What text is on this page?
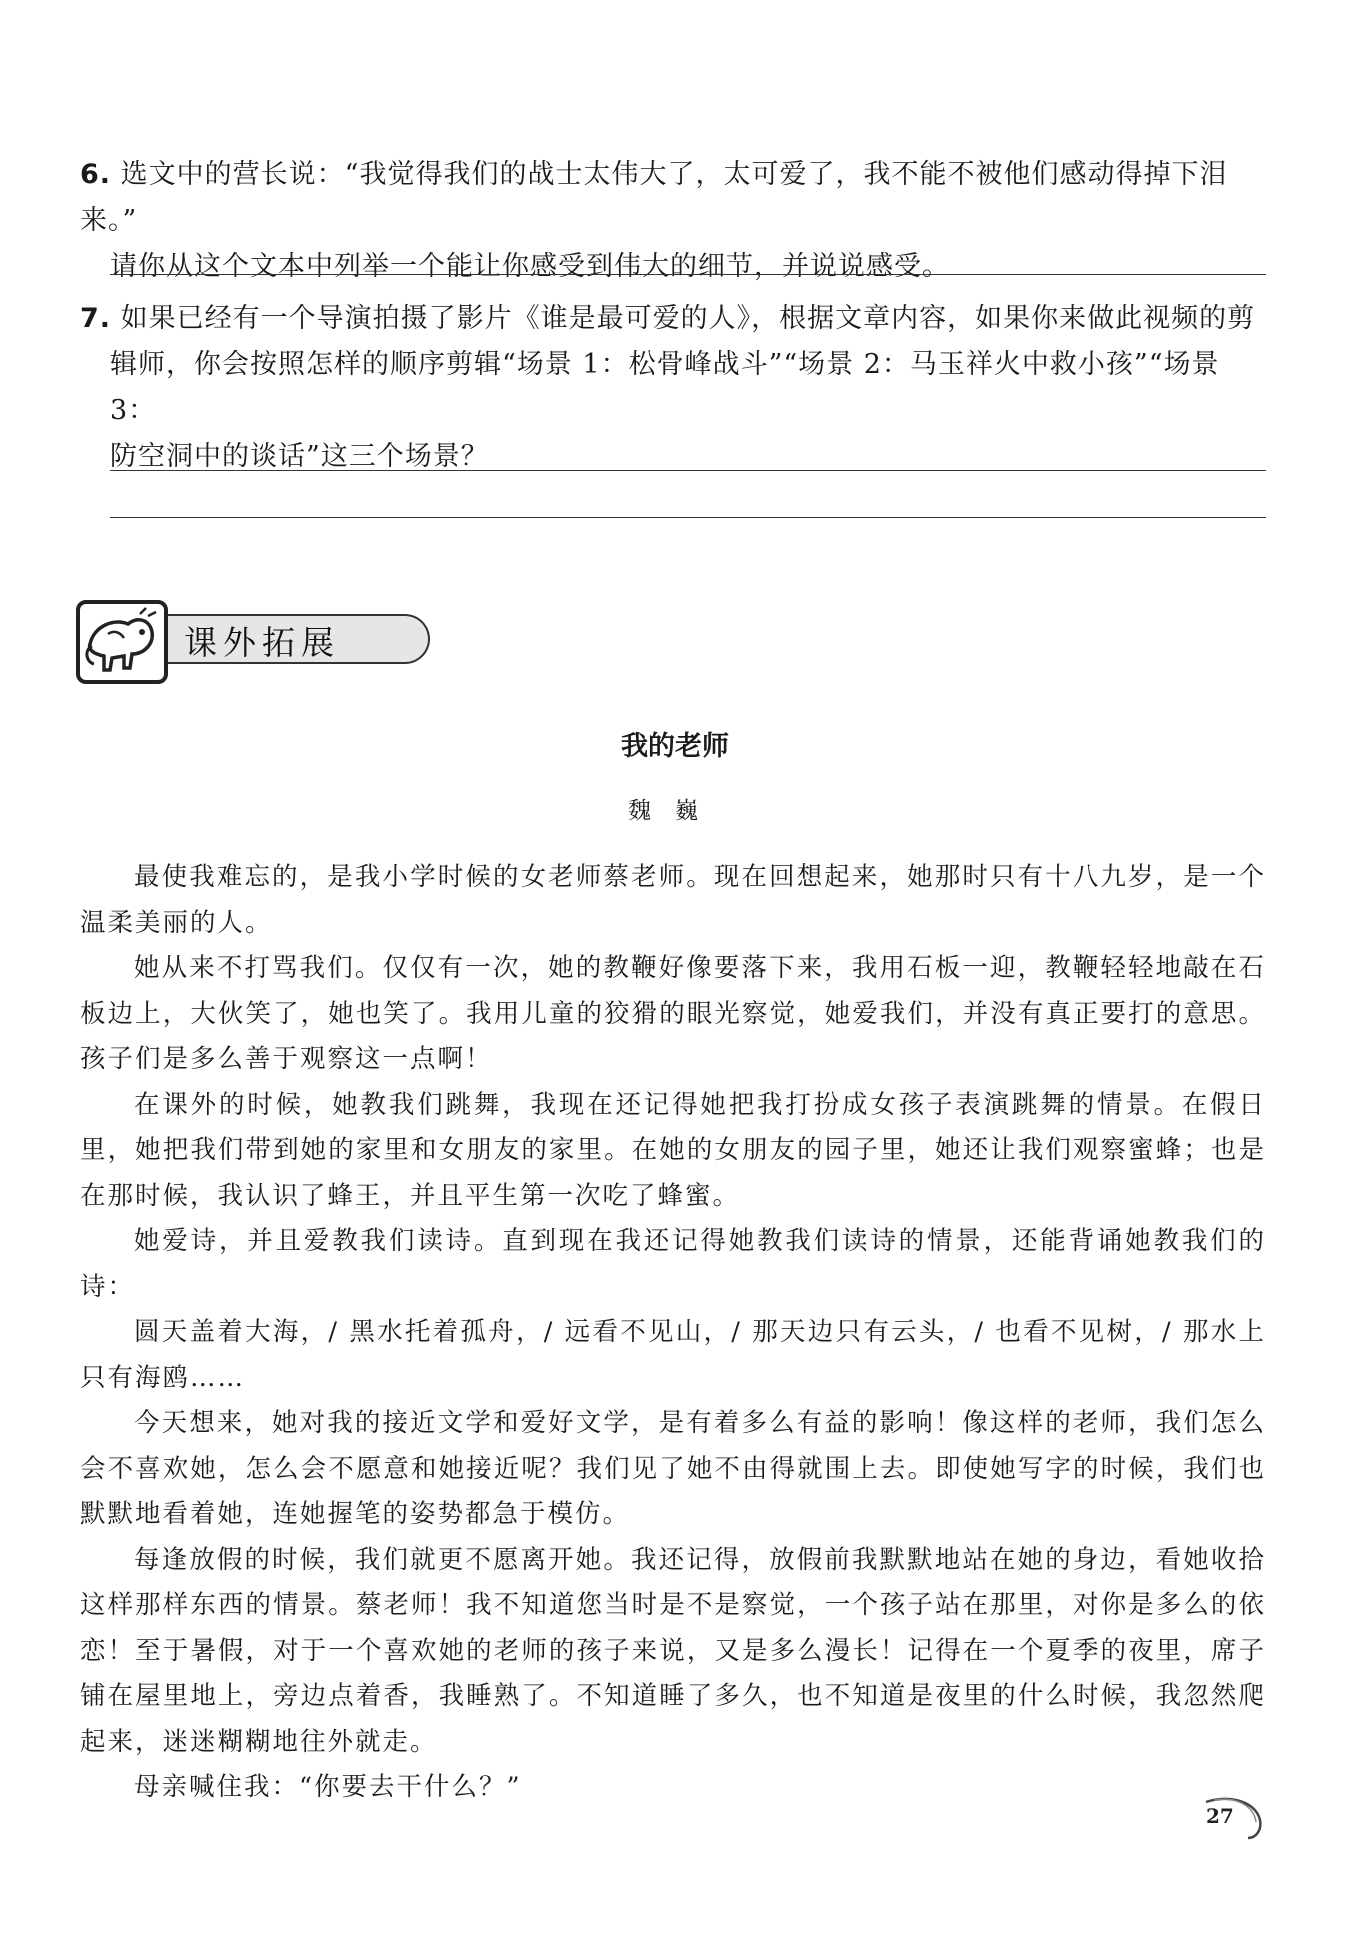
6. 选文中的营长说：“我觉得我们的战士太伟大了，太可爱了，我不能不被他们感动得掉下泪来。”
请你从这个文本中列举一个能让你感受到伟大的细节，并说说感受。
7. 如果已经有一个导演拍摄了影片《谁是最可爱的人》，根据文章内容，如果你来做此视频的剪
辑师，你会按照怎样的顺序剪辑“场景 1：松骨峰战斗”“场景 2：马玉祥火中救小孩”“场景 3：
防空洞中的谈话”这三个场景？
课外拓展
我的老师
魏巍

最使我难忘的，是我小学时候的女老师蔡老师。现在回想起来，她那时只有十八九岁，是一个温柔美丽的人。

她从来不打骂我们。仅仅有一次，她的教鞭好像要落下来，我用石板一迎，教鞭轻轻地敲在石板边上，大伙笑了，她也笑了。我用儿童的狡猾的眼光察觉，她爱我们，并没有真正要打的意思。孩子们是多么善于观察这一点啊！

在课外的时候，她教我们跳舞，我现在还记得她把我打扮成女孩子表演跳舞的情景。在假日里，她把我们带到她的家里和女朋友的家里。在她的女朋友的园子里，她还让我们观察蜜蜂；也是在那时候，我认识了蜂王，并且平生第一次吃了蜂蜜。

她爱诗，并且爱教我们读诗。直到现在我还记得她教我们读诗的情景，还能背诵她教我们的诗：

圆天盖着大海，/ 黑水托着孤舟，/ 远看不见山，/ 那天边只有云头，/ 也看不见树，/ 那水上只有海鸥……

今天想来，她对我的接近文学和爱好文学，是有着多么有益的影响！像这样的老师，我们怎么会不喜欢她，怎么会不愿意和她接近呢？我们见了她不由得就围上去。即使她写字的时候，我们也默默地看着她，连她握笔的姿势都急于模仿。

每逢放假的时候，我们就更不愿离开她。我还记得，放假前我默默地站在她的身边，看她收拾这样那样东西的情景。蔡老师！我不知道您当时是不是察觉，一个孩子站在那里，对你是多么的依恋！至于暑假，对于一个喜欢她的老师的孩子来说，又是多么漫长！记得在一个夏季的夜里，席子铺在屋里地上，旁边点着香，我睡熟了。不知道睡了多久，也不知道是夜里的什么时候，我忽然爬起来，迷迷糊糊地往外就走。

母亲喊住我：“你要去干什么？”

27
